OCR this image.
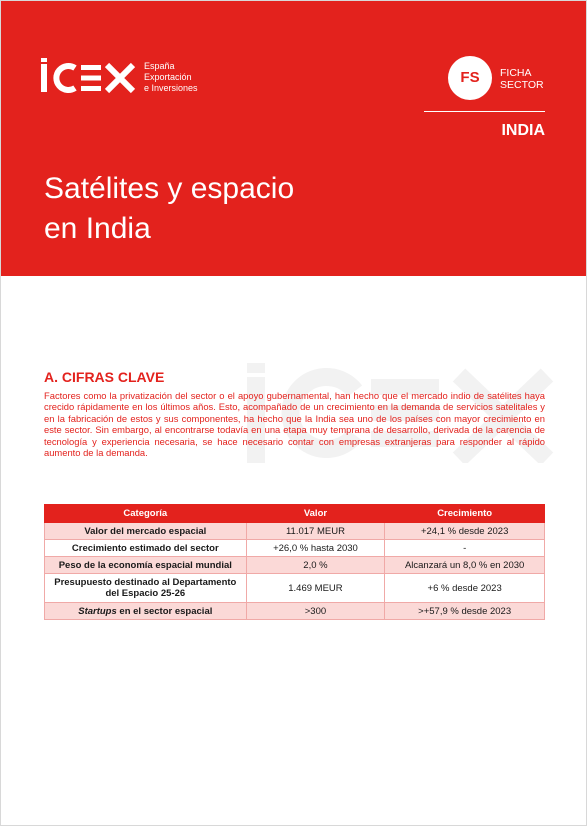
España
Exportación
e Inversiones
FS	FICHA
SECTOR
INDIA
Satélites y espacio
en India
A. CIFRAS CLAVE

Factores como la privatización del sector o el apoyo gubernamental, han hecho que el mercado indio de satélites haya crecido rápidamente en los últimos años. Esto, acompañado de un crecimiento en la demanda de servicios satelitales y en la fabricación de estos y sus componentes, ha hecho que la India sea uno de los países con mayor crecimiento en este sector. Sin embargo, al encontrarse todavía en una etapa muy temprana de desarrollo, derivada de la carencia de tecnología y experiencia necesaria, se hace necesario contar con empresas extranjeras para responder al rápido aumento de la demanda.

Categoría	Valor	Crecimiento
Valor del mercado espacial	11.017 MEUR	+24,1 % desde 2023
Crecimiento estimado del sector	+26,0 % hasta 2030	-
Peso de la economía espacial mundial	2,0 %	Alcanzará un 8,0 % en 2030
Presupuesto destinado al Departamento del Espacio 25-26	1.469 MEUR	+6 % desde 2023
Startups en el sector espacial	>300	>+57,9 % desde 2023
